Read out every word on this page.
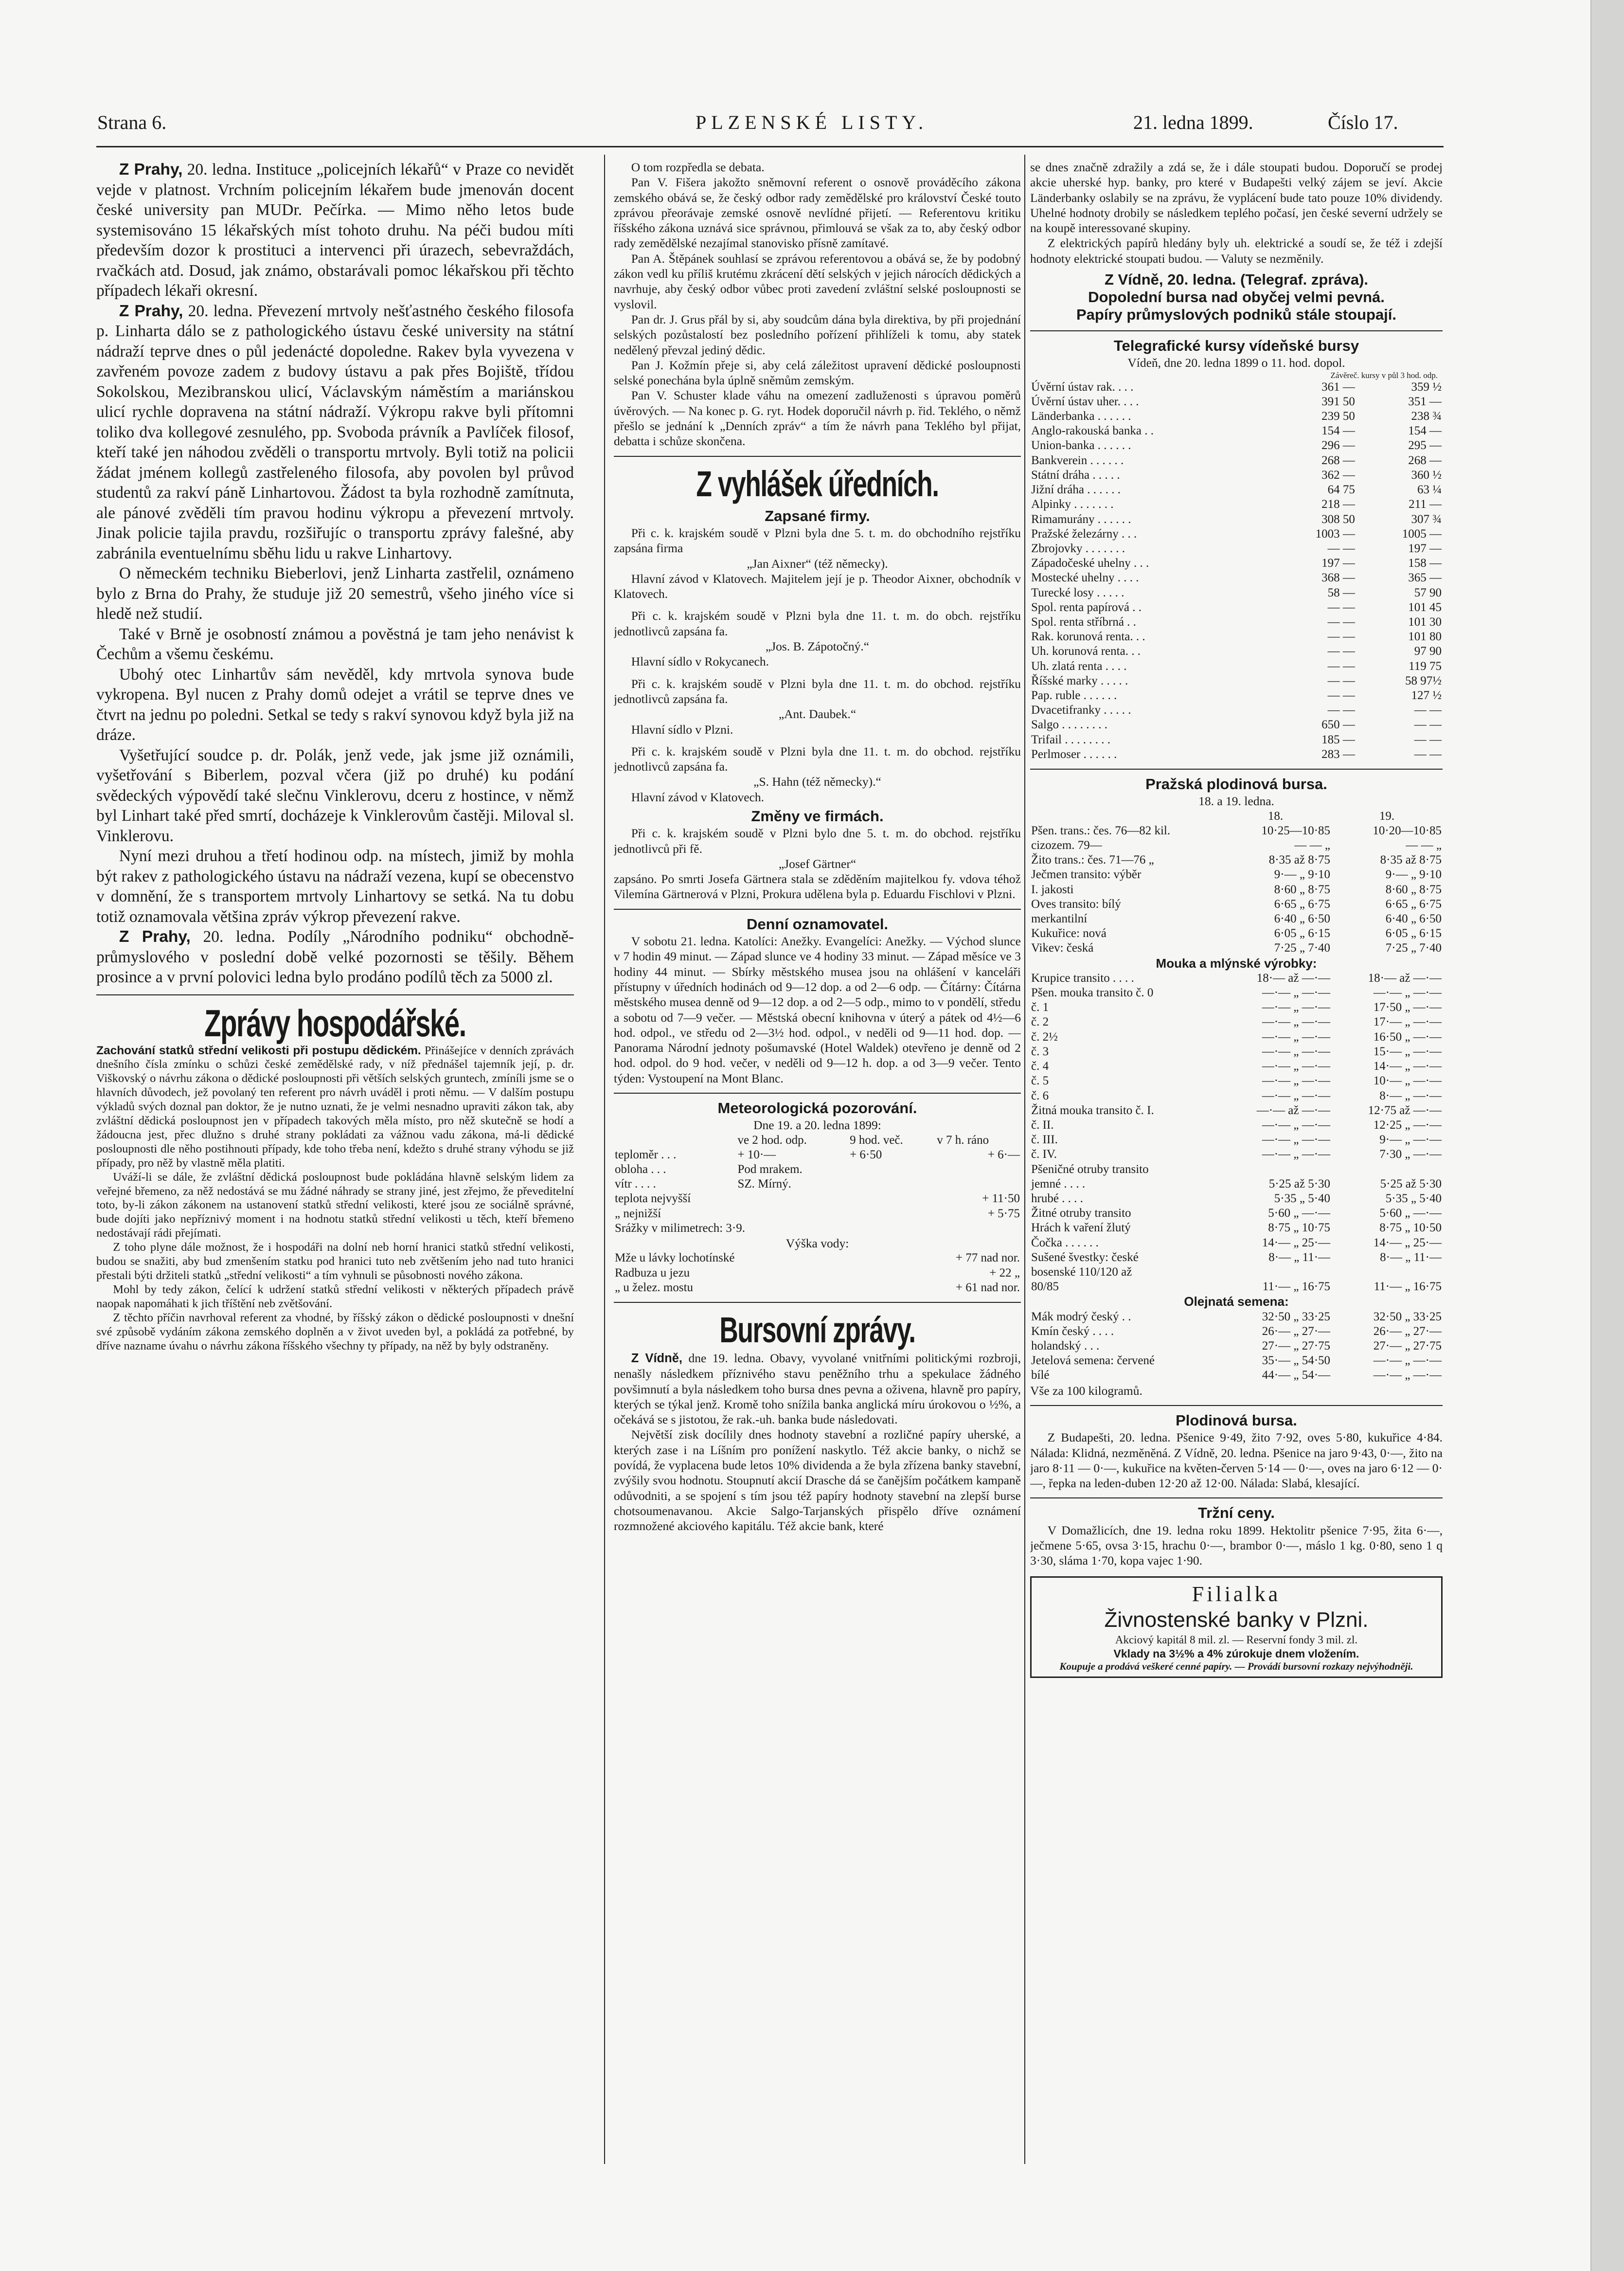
Strana 6.	PLZENSKÉ LISTY.	21. ledna 1899.	Číslo 17.

Z Prahy, 20. ledna. Instituce „policejních lékařů“ v Praze co nevidět vejde v platnost. Vrchním policejním lékařem bude jmenován docent české university pan MUDr. Pečírka. — Mimo něho letos bude systemisováno 15 lékařských míst tohoto druhu. Na péči budou míti především dozor k prostituci a intervenci při úrazech, sebevraždách, rvačkách atd. Dosud, jak známo, obstarávali pomoc lékařskou při těchto případech lékaři okresní.

Z Prahy, 20. ledna. Převezení mrtvoly nešťastného českého filosofa p. Linharta dálo se z pathologického ústavu české university na státní nádraží teprve dnes o půl jedenácté dopoledne. Rakev byla vyvezena v zavřeném povoze zadem z budovy ústavu a pak přes Bojiště, třídou Sokolskou, Mezibranskou ulicí, Václavským náměstím a mariánskou ulicí rychle dopravena na státní nádraží. Výkropu rakve byli přítomni toliko dva kollegové zesnulého, pp. Svoboda právník a Pavlíček filosof, kteří také jen náhodou zvěděli o transportu mrtvoly. Byli totiž na policii žádat jménem kollegů zastřeleného filosofa, aby povolen byl průvod studentů za rakví páně Linhartovou. Žádost ta byla rozhodně zamítnuta, ale pánové zvěděli tím pravou hodinu výkropu a převezení mrtvoly. Jinak policie tajila pravdu, rozšiřujíc o transportu zprávy falešné, aby zabránila eventuelnímu sběhu lidu u rakve Linhartovy.

O německém techniku Bieberlovi, jenž Linharta zastřelil, oznámeno bylo z Brna do Prahy, že studuje již 20 semestrů, všeho jiného více si hledě než studií.

Také v Brně je osobností známou a pověstná je tam jeho nenávist k Čechům a všemu českému.

Ubohý otec Linhartův sám nevěděl, kdy mrtvola synova bude vykropena. Byl nucen z Prahy domů odejet a vrátil se teprve dnes ve čtvrt na jednu po poledni. Setkal se tedy s rakví synovou když byla již na dráze.

Vyšetřující soudce p. dr. Polák, jenž vede, jak jsme již oznámili, vyšetřování s Biberlem, pozval včera (již po druhé) ku podání svědeckých výpovědí také slečnu Vinklerovu, dceru z hostince, v němž byl Linhart také před smrtí, docházeje k Vinklerovům častěji. Miloval sl. Vinklerovu.

Nyní mezi druhou a třetí hodinou odp. na místech, jimiž by mohla být rakev z pathologického ústavu na nádraží vezena, kupí se obecenstvo v domnění, že s transportem mrtvoly Linhartovy se setká. Na tu dobu totiž oznamovala většina zpráv výkrop převezení rakve.

Z Prahy, 20. ledna. Podíly „Národního podniku“ obchodně-průmyslového v poslední době velké pozornosti se těšily. Během prosince a v první polovici ledna bylo prodáno podílů těch za 5000 zl.

Zprávy hospodářské.

Zachování statků střední velikosti při postupu dědickém. Přinášejíce v denních zprávách dnešního čísla zmínku o schůzi české zemědělské rady, v níž přednášel tajemník její, p. dr. Viškovský o návrhu zákona o dědické posloupnosti při větších selských gruntech, zmíníli jsme se o hlavních důvodech, jež povolaný ten referent pro návrh uváděl i proti němu. — V dalším postupu výkladů svých doznal pan doktor, že je nutno uznati, že je velmi nesnadno upraviti zákon tak, aby zvláštní dědická posloupnost jen v případech takových měla místo, pro něž skutečně se hodí a žádoucna jest, přec dlužno s druhé strany pokládati za vážnou vadu zákona, má-li dědické posloupnosti dle něho postihnouti případy, kde toho třeba není, kdežto s druhé strany výhodu se již případy, pro něž by vlastně měla platiti.

Uváží-li se dále, že zvláštní dědická posloupnost bude pokládána hlavně selským lidem za veřejné břemeno, za něž nedostává se mu žádné náhrady se strany jiné, jest zřejmo, že převeditelní toto, by-li zákon zákonem na ustanovení statků střední velikosti, které jsou ze sociálně správné, bude dojíti jako nepříznivý moment i na hodnotu statků střední velikosti u těch, kteří břemeno nedostávají rádi přejímati.

Z toho plyne dále možnost, že i hospodáři na dolní neb horní hranici statků střední velikosti, budou se snažiti, aby bud zmenšením statku pod hranici tuto neb zvětšením jeho nad tuto hranici přestali býti držiteli statků „střední velikosti“ a tím vyhnuli se působnosti nového zákona.

Mohl by tedy zákon, čelící k udržení statků střední velikosti v některých případech právě naopak napomáhati k jich tříštění neb zvětšování.

Z těchto příčin navrhoval referent za vhodné, by říšský zákon o dědické posloupnosti v dnešní své způsobě vydáním zákona zemského doplněn a v život uveden byl, a pokládá za potřebné, by dříve nazname úvahu o návrhu zákona říšského všechny ty případy, na něž by byly odstraněny.

O tom rozpředla se debata.

Pan V. Fišera jakožto sněmovní referent o osnově prováděcího zákona zemského obává se, že český odbor rady zemědělské pro království České touto zprávou přeorávaje zemské osnově nevlídné přijetí. — Referentovu kritiku říšského zákona uznává sice správnou, přimlouvá se však za to, aby český odbor rady zemědělské nezajímal stanovisko přísně zamítavé.

Pan A. Štěpánek souhlasí se zprávou referentovou a obává se, že by podobný zákon vedl ku příliš krutému zkrácení dětí selských v jejich nárocích dědických a navrhuje, aby český odbor vůbec proti zavedení zvláštní selské posloupnosti se vyslovil.

Pan dr. J. Grus přál by si, aby soudcům dána byla direktiva, by při projednání selských pozůstalostí bez posledního pořízení přihlíželi k tomu, aby statek nedělený převzal jediný dědic.

Pan J. Kožmín přeje si, aby celá záležitost upravení dědické posloupnosti selské ponechána byla úplně sněmům zemským.

Pan V. Schuster klade váhu na omezení zadluženosti s úpravou poměrů úvěrových. — Na konec p. G. ryt. Hodek doporučil návrh p. řid. Teklého, o němž přešlo se jednání k „Denních zpráv“ a tím že návrh pana Teklého byl přijat, debatta i schůze skončena.

Z vyhlášek úředních.
Zapsané firmy.

Při c. k. krajském soudě v Plzni byla dne 5. t. m. do obchodního rejstříku zapsána firma

„Jan Aixner“ (též německy).

Hlavní závod v Klatovech. Majitelem její je p. Theodor Aixner, obchodník v Klatovech.

Při c. k. krajském soudě v Plzni byla dne 11. t. m. do obch. rejstříku jednotlivců zapsána fa.

„Jos. B. Zápotočný.“

Hlavní sídlo v Rokycanech.

Při c. k. krajském soudě v Plzni byla dne 11. t. m. do obchod. rejstříku jednotlivců zapsána fa.

„Ant. Daubek.“

Hlavní sídlo v Plzni.

Při c. k. krajském soudě v Plzni byla dne 11. t. m. do obchod. rejstříku jednotlivců zapsána fa.

„S. Hahn (též německy).“

Hlavní závod v Klatovech.

Změny ve firmách.

Při c. k. krajském soudě v Plzni bylo dne 5. t. m. do obchod. rejstříku jednotlivců při fě.

„Josef Gärtner“

zapsáno. Po smrti Josefa Gärtnera stala se zděděním majitelkou fy. vdova téhož Vilemína Gärtnerová v Plzni, Prokura udělena byla p. Eduardu Fischlovi v Plzni.

Denní oznamovatel.

V sobotu 21. ledna. Katolíci: Anežky. Evangelíci: Anežky. — Východ slunce v 7 hodin 49 minut. — Západ slunce ve 4 hodiny 33 minut. — Západ měsíce ve 3 hodiny 44 minut. — Sbírky městského musea jsou na ohlášení v kanceláři přístupny v úředních hodinách od 9—12 dop. a od 2—6 odp. — Čítárny: Čítárna městského musea denně od 9—12 dop. a od 2—5 odp., mimo to v pondělí, středu a sobotu od 7—9 večer. — Městská obecní knihovna v úterý a pátek od 4½—6 hod. odpol., ve středu od 2—3½ hod. odpol., v neděli od 9—11 hod. dop. — Panorama Národní jednoty pošumavské (Hotel Waldek) otevřeno je denně od 2 hod. odpol. do 9 hod. večer, v neděli od 9—12 h. dop. a od 3—9 večer. Tento týden: Vystoupení na Mont Blanc.

Meteorologická pozorování.

Dne 19. a 20. ledna 1899:

	ve 2 hod. odp.	9 hod. več.	v 7 h. ráno
teploměr . . .	+ 10·—	+ 6·50	+ 6·—
obloha . . .	Pod mrakem.		
vítr . . . .	SZ. Mírný.		
teplota nejvyšší			+ 11·50
„ nejnižší			+ 5·75
Srážky v milimetrech: 3·9.			

Výška vody:

Mže u lávky lochotínské	+ 77 nad nor.
Radbuza u jezu	+ 22 „
„ u želez. mostu	+ 61 nad nor.
Bursovní zprávy.

Z Vídně, dne 19. ledna. Obavy, vyvolané vnitřními politickými rozbroji, nenašly následkem příznivého stavu peněžního trhu a spekulace žádného povšimnutí a byla následkem toho bursa dnes pevna a oživena, hlavně pro papíry, kterých se týkal jenž. Kromě toho snížila banka anglická míru úrokovou o ½%, a očekává se s jistotou, že rak.-uh. banka bude následovati.

Největší zisk docílily dnes hodnoty stavební a rozličné papíry uherské, a kterých zase i na Líšním pro ponížení naskytlo. Též akcie banky, o nichž se povídá, že vyplacena bude letos 10% dividenda a že byla zřízena banky stavební, zvýšily svou hodnotu. Stoupnutí akcií Drasche dá se čanějším počátkem kampaně odůvodniti, a se spojení s tím jsou též papíry hodnoty stavební na zlepší burse chotsoumenavanou. Akcie Salgo-Tarjanských přispělo dříve oznámení rozmnožené akciového kapitálu. Též akcie bank, které

se dnes značně zdražily a zdá se, že i dále stoupati budou. Doporučí se prodej akcie uherské hyp. banky, pro které v Budapešti velký zájem se jeví. Akcie Länderbanky oslabily se na zprávu, že vyplácení bude tato pouze 10% dividendy. Uhelné hodnoty drobily se následkem teplého počasí, jen české severní udržely se na koupě interessované skupiny.

Z elektrických papírů hledány byly uh. elektrické a soudí se, že též i zdejší hodnoty elektrické stoupati budou. — Valuty se nezměnily.

Z Vídně, 20. ledna. (Telegraf. zpráva).
Dopolední bursa nad obyčej velmi pevná.
Papíry průmyslových podniků stále stoupají.
Telegrafické kursy vídeňské bursy

Vídeň, dne 20. ledna 1899 o 11. hod. dopol.

Závěreč. kursy v půl 3 hod. odp.
Úvěrní ústav rak. . . .	361 —	359 ½
Úvěrní ústav uher. . . .	391 50	351 —
Länderbanka . . . . . .	239 50	238 ¾
Anglo-rakouská banka . .	154 —	154 —
Union-banka . . . . . .	296 —	295 —
Bankverein . . . . . .	268 —	268 —
Státní dráha . . . . .	362 —	360 ½
Jižní dráha . . . . . .	64 75	63 ¼
Alpinky . . . . . . .	218 —	211 —
Rimamurány . . . . . .	308 50	307 ¾
Pražské železárny . . .	1003 —	1005 —
Zbrojovky . . . . . . .	— —	197 —
Západočeské uhelny . . .	197 —	158 —
Mostecké uhelny . . . .	368 —	365 —
Turecké losy . . . . .	58 —	57 90
Spol. renta papírová . .	— —	101 45
Spol. renta stříbrná . .	— —	101 30
Rak. korunová renta. . .	— —	101 80
Uh. korunová renta. . .	— —	97 90
Uh. zlatá renta . . . .	— —	119 75
Říšské marky . . . . .	— —	58 97½
Pap. ruble . . . . . .	— —	127 ½
Dvacetifranky . . . . .	— —	— —
Salgo . . . . . . . .	650 —	— —
Trifail . . . . . . . .	185 —	— —
Perlmoser . . . . . .	283 —	— —
Pražská plodinová bursa.

18. a 19. ledna.

	18.	19.
Pšen. trans.: čes. 76—82 kil.	10·25—10·85	10·20—10·85
cizozem. 79—	— — „	— — „
Žito trans.: čes. 71—76 „	8·35 až 8·75	8·35 až 8·75
Ječmen transito: výběr	9·— „ 9·10	9·— „ 9·10
I. jakosti	8·60 „ 8·75	8·60 „ 8·75
Oves transito: bílý	6·65 „ 6·75	6·65 „ 6·75
merkantilní	6·40 „ 6·50	6·40 „ 6·50
Kukuřice: nová	6·05 „ 6·15	6·05 „ 6·15
Vikev: česká	7·25 „ 7·40	7·25 „ 7·40

Mouka a mlýnské výrobky:

Krupice transito . . . .	18·— až —·—	18·— až —·—
Pšen. mouka transito č. 0	—·— „ —·—	—·— „ —·—
č. 1	—·— „ —·—	17·50 „ —·—
č. 2	—·— „ —·—	17·— „ —·—
č. 2½	—·— „ —·—	16·50 „ —·—
č. 3	—·— „ —·—	15·— „ —·—
č. 4	—·— „ —·—	14·— „ —·—
č. 5	—·— „ —·—	10·— „ —·—
č. 6	—·— „ —·—	8·— „ —·—
Žitná mouka transito č. I.	—·— až —·—	12·75 až —·—
č. II.	—·— „ —·—	12·25 „ —·—
č. III.	—·— „ —·—	9·— „ —·—
č. IV.	—·— „ —·—	7·30 „ —·—
Pšeničné otruby transito		
jemné . . . .	5·25 až 5·30	5·25 až 5·30
hrubé . . . .	5·35 „ 5·40	5·35 „ 5·40
Žitné otruby transito	5·60 „ —·—	5·60 „ —·—
Hrách k vaření žlutý	8·75 „ 10·75	8·75 „ 10·50
Čočka . . . . . .	14·— „ 25·—	14·— „ 25·—
Sušené švestky: české	8·— „ 11·—	8·— „ 11·—
bosenské 110/120 až		
80/85	11·— „ 16·75	11·— „ 16·75

Olejnatá semena:

Mák modrý český . .	32·50 „ 33·25	32·50 „ 33·25
Kmín český . . . .	26·— „ 27·—	26·— „ 27·—
holandský . . .	27·— „ 27·75	27·— „ 27·75
Jetelová semena: červené	35·— „ 54·50	—·— „ —·—
bílé	44·— „ 54·—	—·— „ —·—

Vše za 100 kilogramů.

Plodinová bursa.

Z Budapešti, 20. ledna. Pšenice 9·49, žito 7·92, oves 5·80, kukuřice 4·84. Nálada: Klidná, nezměněná. Z Vídně, 20. ledna. Pšenice na jaro 9·43, 0·—, žito na jaro 8·11 — 0·—, kukuřice na květen-červen 5·14 — 0·—, oves na jaro 6·12 — 0·—, řepka na leden-duben 12·20 až 12·00. Nálada: Slabá, klesající.

Tržní ceny.

V Domažlicích, dne 19. ledna roku 1899. Hektolitr pšenice 7·95, žita 6·—, ječmene 5·65, ovsa 3·15, hrachu 0·—, brambor 0·—, máslo 1 kg. 0·80, seno 1 q 3·30, sláma 1·70, kopa vajec 1·90.

Filialka
Živnostenské banky v Plzni.
Akciový kapitál 8 mil. zl. — Reservní fondy 3 mil. zl.
Vklady na 3½% a 4% zúrokuje dnem vložením.
Koupuje a prodává veškeré cenné papíry. — Provádí bursovní rozkazy nejvýhodněji.
